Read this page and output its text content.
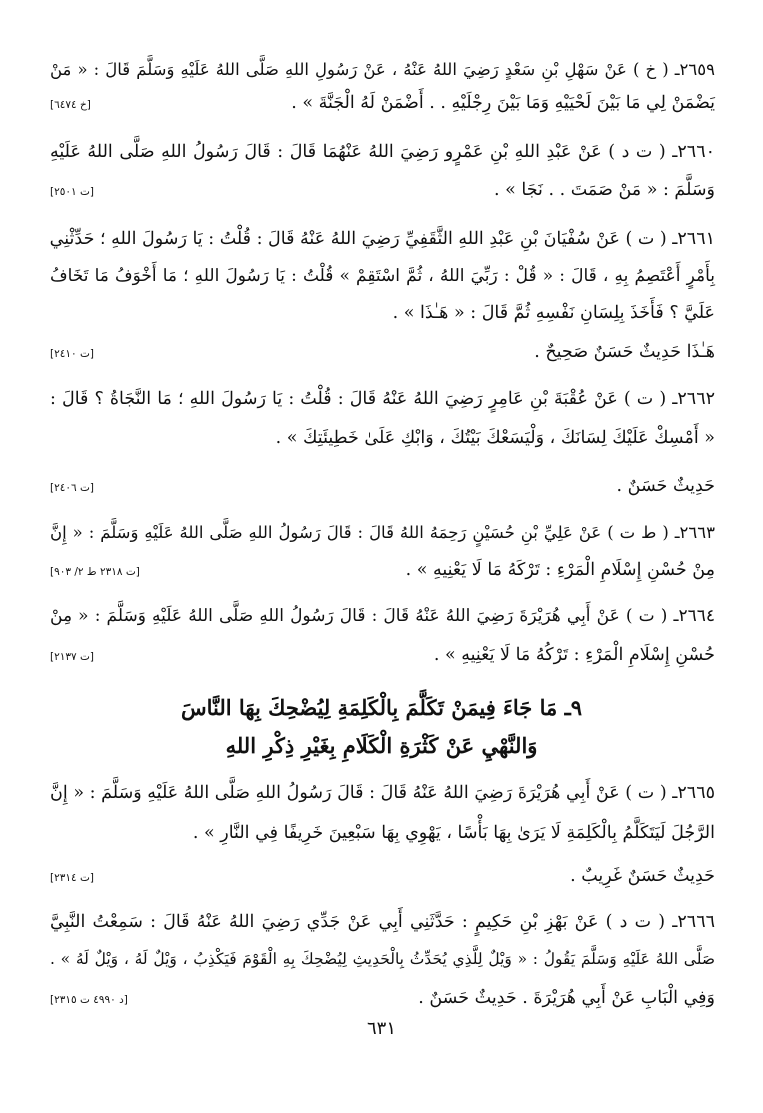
٢٦٥٩ـ ( خ ) عَنْ سَهْلِ بْنِ سَعْدٍ رَضِيَ اللهُ عَنْهُ ، عَنْ رَسُولِ اللهِ صَلَّى اللهُ عَلَيْهِ وَسَلَّمَ قَالَ : « مَنْ
[خ ٦٤٧٤]	يَضْمَنْ لِي مَا بَيْنَ لَحْيَيْهِ وَمَا بَيْنَ رِجْلَيْهِ . . أَضْمَنْ لَهُ الْجَنَّةَ » .
٢٦٦٠ـ ( ت د ) عَنْ عَبْدِ اللهِ بْنِ عَمْرٍو رَضِيَ اللهُ عَنْهُمَا قَالَ : قَالَ رَسُولُ اللهِ صَلَّى اللهُ عَلَيْهِ
[ت ٢٥٠١]	وَسَلَّمَ : « مَنْ صَمَتَ . . نَجَا » .
٢٦٦١ـ ( ت ) عَنْ سُفْيَانَ بْنِ عَبْدِ اللهِ الثَّقَفِيِّ رَضِيَ اللهُ عَنْهُ قَالَ : قُلْتُ : يَا رَسُولَ اللهِ ؛ حَدِّثْنِي
بِأَمْرٍ أَعْتَصِمُ بِهِ ، قَالَ : « قُلْ : رَبِّيَ اللهُ ، ثُمَّ اسْتَقِمْ » قُلْتُ : يَا رَسُولَ اللهِ ؛ مَا أَخْوَفُ مَا تَخَافُ
عَلَيَّ ؟ فَأَخَذَ بِلِسَانِ نَفْسِهِ ثُمَّ قَالَ : « هَـٰذَا » .
[ت ٢٤١٠]	هَـٰذَا حَدِيثٌ حَسَنٌ صَحِيحٌ .
٢٦٦٢ـ ( ت ) عَنْ عُقْبَةَ بْنِ عَامِرٍ رَضِيَ اللهُ عَنْهُ قَالَ : قُلْتُ : يَا رَسُولَ اللهِ ؛ مَا النَّجَاةُ ؟ قَالَ :
« أَمْسِكْ عَلَيْكَ لِسَانَكَ ، وَلْيَسَعْكَ بَيْتُكَ ، وَابْكِ عَلَىٰ خَطِيئَتِكَ » .
[ت ٢٤٠٦]	حَدِيثٌ حَسَنٌ .
٢٦٦٣ـ ( ط ت ) عَنْ عَلِيِّ بْنِ حُسَيْنٍ رَحِمَهُ اللهُ قَالَ : قَالَ رَسُولُ اللهِ صَلَّى اللهُ عَلَيْهِ وَسَلَّمَ : « إِنَّ
[ت ٢٣١٨ ط ٢/ ٩٠٣]	مِنْ حُسْنِ إِسْلَامِ الْمَرْءِ : تَرْكَهُ مَا لَا يَعْنِيهِ » .
٢٦٦٤ـ ( ت ) عَنْ أَبِي هُرَيْرَةَ رَضِيَ اللهُ عَنْهُ قَالَ : قَالَ رَسُولُ اللهِ صَلَّى اللهُ عَلَيْهِ وَسَلَّمَ : « مِنْ
[ت ٢١٣٧]	حُسْنِ إِسْلَامِ الْمَرْءِ : تَرْكُهُ مَا لَا يَعْنِيهِ » .
٩ـ مَا جَاءَ فِيمَنْ تَكَلَّمَ بِالْكَلِمَةِ لِيُضْحِكَ بِهَا النَّاسَ
وَالنَّهْيِ عَنْ كَثْرَةِ الْكَلَامِ بِغَيْرِ ذِكْرِ اللهِ
٢٦٦٥ـ ( ت ) عَنْ أَبِي هُرَيْرَةَ رَضِيَ اللهُ عَنْهُ قَالَ : قَالَ رَسُولُ اللهِ صَلَّى اللهُ عَلَيْهِ وَسَلَّمَ : « إِنَّ
الرَّجُلَ لَيَتَكَلَّمُ بِالْكَلِمَةِ لَا يَرَىٰ بِهَا بَأْسًا ، يَهْوِي بِهَا سَبْعِينَ خَرِيفًا فِي النَّارِ » .
[ت ٢٣١٤]	حَدِيثٌ حَسَنٌ غَرِيبٌ .
٢٦٦٦ـ ( ت د ) عَنْ بَهْزِ بْنِ حَكِيمٍ : حَدَّثَنِي أَبِي عَنْ جَدِّي رَضِيَ اللهُ عَنْهُ قَالَ : سَمِعْتُ النَّبِيَّ
صَلَّى اللهُ عَلَيْهِ وَسَلَّمَ يَقُولُ : « وَيْلٌ لِلَّذِي يُحَدِّثُ بِالْحَدِيثِ لِيُضْحِكَ بِهِ الْقَوْمَ فَيَكْذِبُ ، وَيْلٌ لَهُ ، وَيْلٌ لَهُ » .
[د ٤٩٩٠ ت ٢٣١٥]	وَفِي الْبَابِ عَنْ أَبِي هُرَيْرَةَ . حَدِيثٌ حَسَنٌ .
٦٣١
